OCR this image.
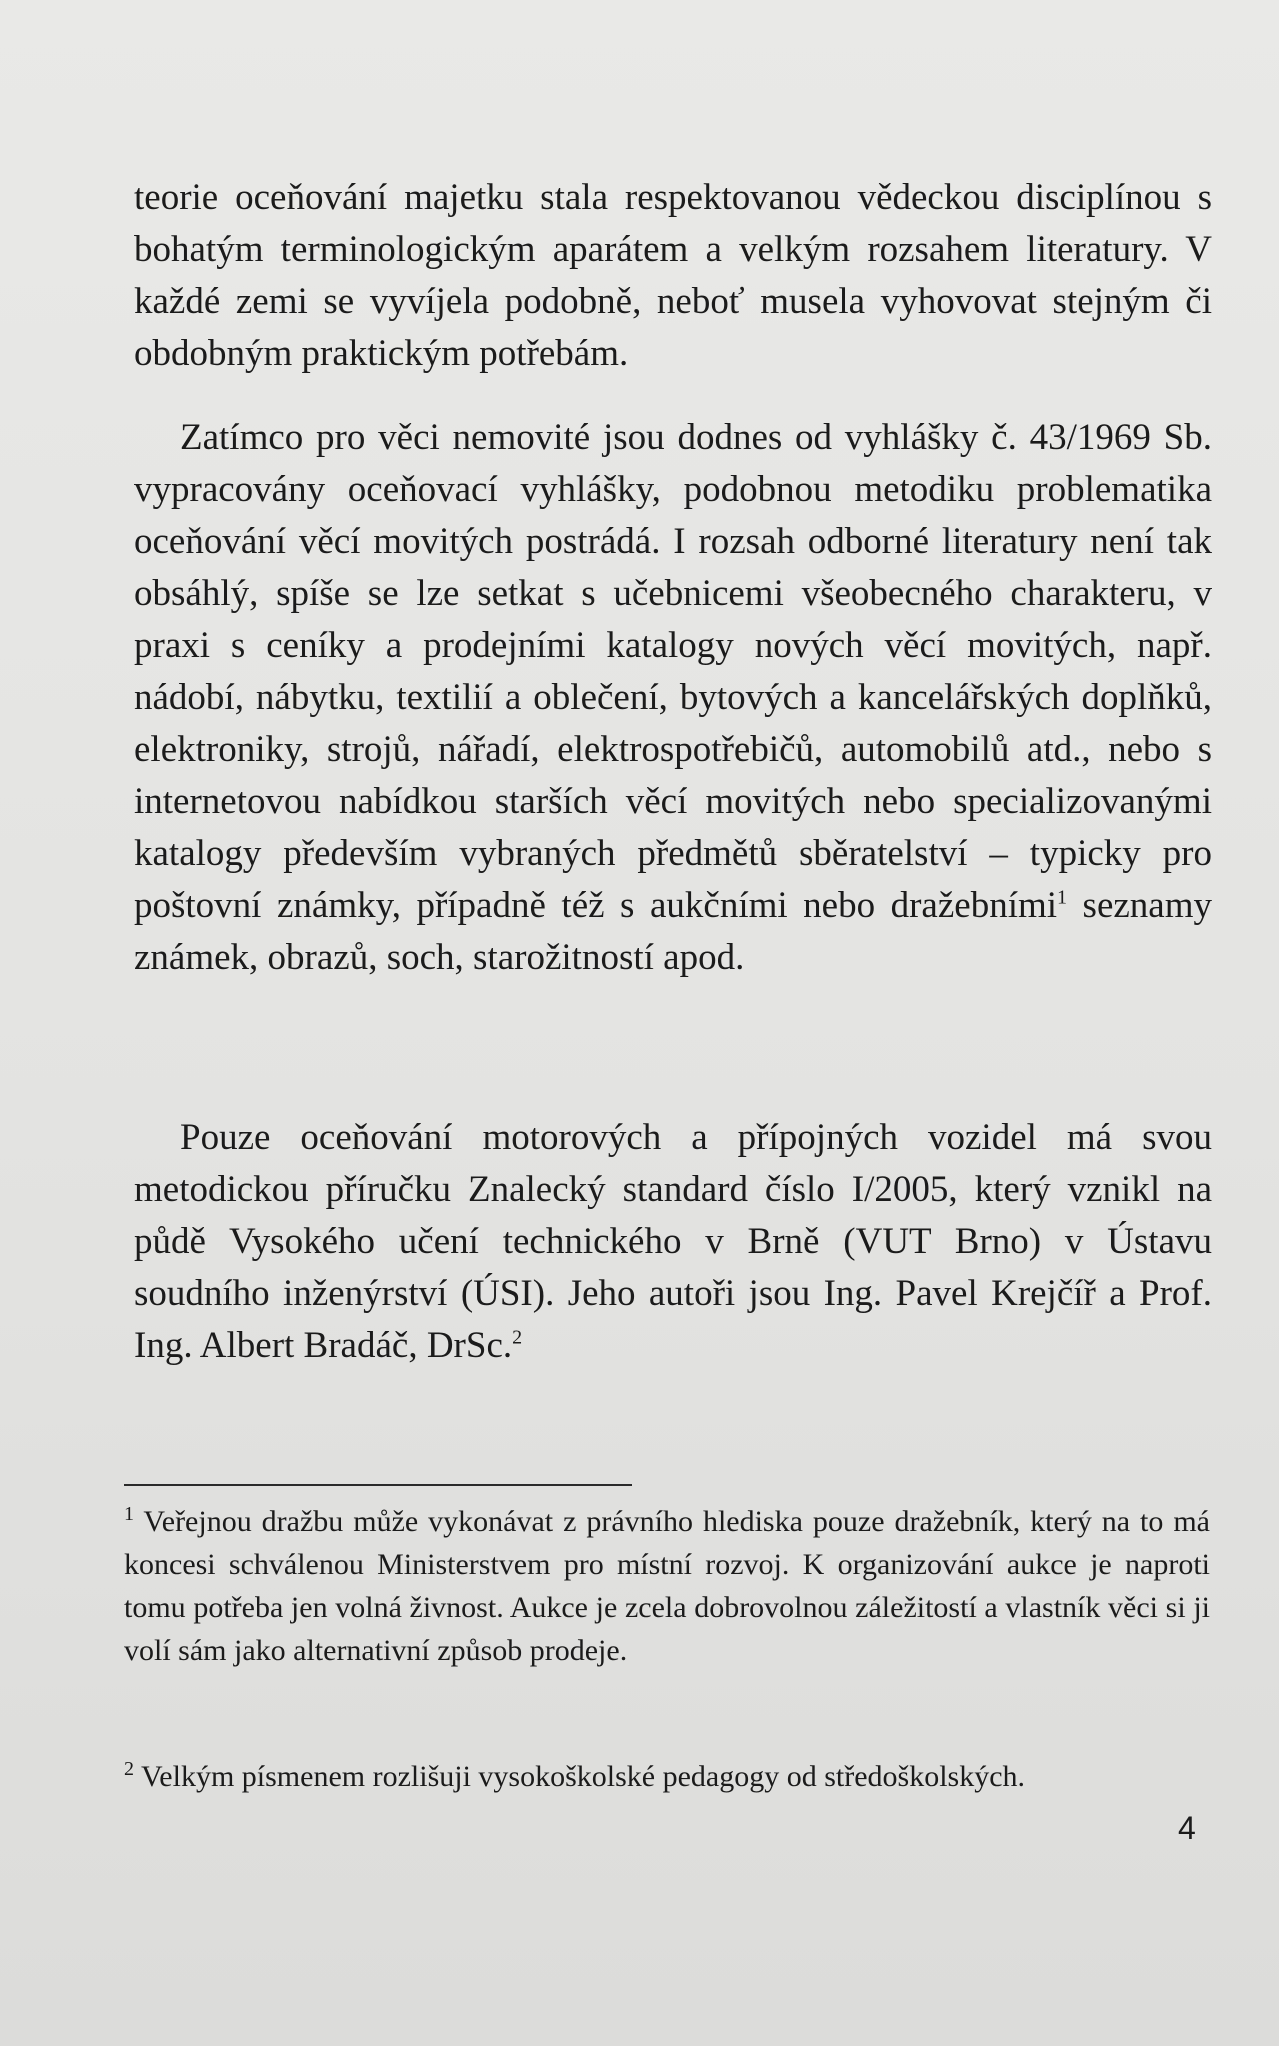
teorie oceňování majetku stala respektovanou vědeckou disciplínou s bohatým terminologickým aparátem a velkým rozsahem literatury. V každé zemi se vyvíjela podobně, neboť musela vyhovovat stejným či obdobným praktickým potřebám.

Zatímco pro věci nemovité jsou dodnes od vyhlášky č. 43/1969 Sb. vypracovány oceňovací vyhlášky, podobnou metodiku problematika oceňování věcí movitých postrádá. I rozsah odborné literatury není tak obsáhlý, spíše se lze setkat s učebnicemi všeobecného charakteru, v praxi s ceníky a prodejními katalogy nových věcí movitých, např. nádobí, nábytku, textilií a oblečení, bytových a kancelářských doplňků, elektroniky, strojů, nářadí, elektrospotřebičů, automobilů atd., nebo s internetovou nabídkou starších věcí movitých nebo specializovanými katalogy především vybraných předmětů sběratelství – typicky pro poštovní známky, případně též s aukčními nebo dražebními$^1$ seznamy známek, obrazů, soch, starožitností apod.

Pouze oceňování motorových a přípojných vozidel má svou metodickou příručku Znalecký standard číslo I/2005, který vznikl na půdě Vysokého učení technického v Brně (VUT Brno) v Ústavu soudního inženýrství (ÚSI). Jeho autoři jsou Ing. Pavel Krejčíř a Prof. Ing. Albert Bradáč, DrSc.$^2$

$^1$ Veřejnou dražbu může vykonávat z právního hlediska pouze dražebník, který na to má koncesi schválenou Ministerstvem pro místní rozvoj. K organizování aukce je naproti tomu potřeba jen volná živnost. Aukce je zcela dobrovolnou záležitostí a vlastník věci si ji volí sám jako alternativní způsob prodeje.

$^2$ Velkým písmenem rozlišuji vysokoškolské pedagogy od středoškolských.

4
